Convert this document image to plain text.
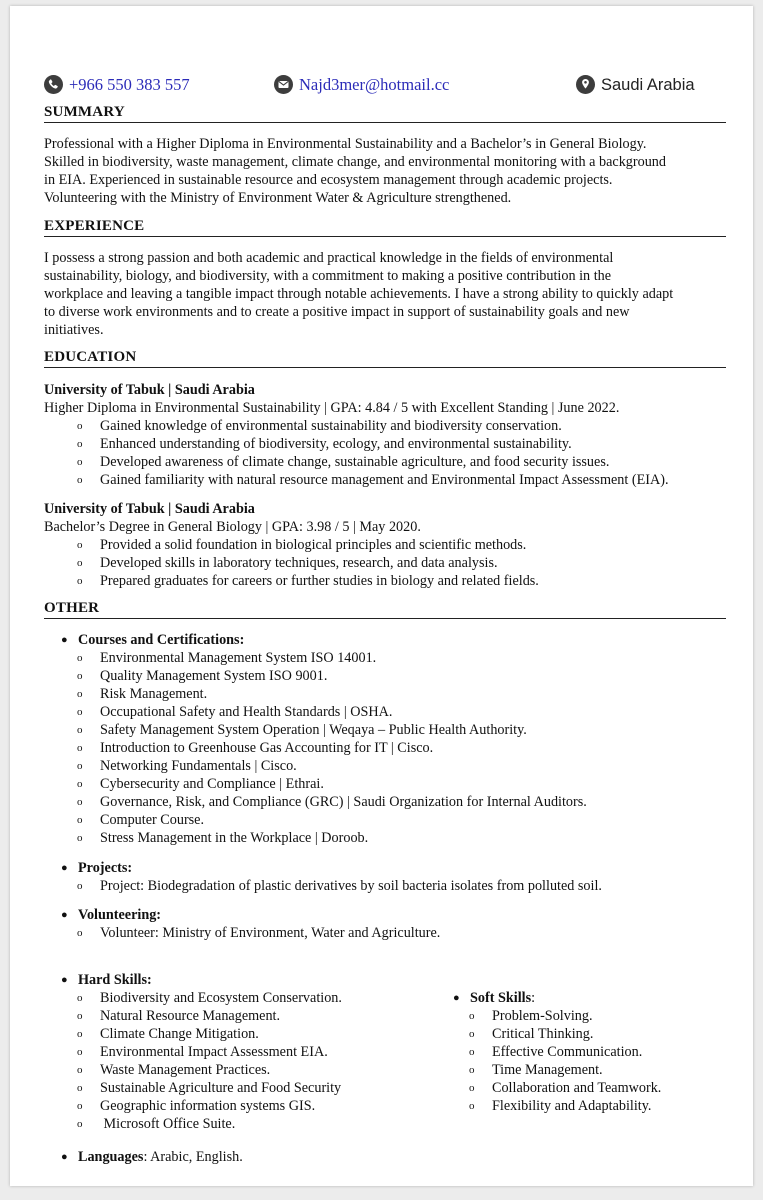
+966 550 383 557	Najd3mer@hotmail.cc	Saudi Arabia
SUMMARY
Professional with a Higher Diploma in Environmental Sustainability and a Bachelor’s in General Biology.
Skilled in biodiversity, waste management, climate change, and environmental monitoring with a background
in EIA. Experienced in sustainable resource and ecosystem management through academic projects.
Volunteering with the Ministry of Environment Water & Agriculture strengthened.
EXPERIENCE
I possess a strong passion and both academic and practical knowledge in the fields of environmental
sustainability, biology, and biodiversity, with a commitment to making a positive contribution in the
workplace and leaving a tangible impact through notable achievements. I have a strong ability to quickly adapt
to diverse work environments and to create a positive impact in support of sustainability goals and new
initiatives.
EDUCATION
University of Tabuk | Saudi Arabia
Higher Diploma in Environmental Sustainability | GPA: 4.84 / 5 with Excellent Standing | June 2022.
o Gained knowledge of environmental sustainability and biodiversity conservation.
o Enhanced understanding of biodiversity, ecology, and environmental sustainability.
o Developed awareness of climate change, sustainable agriculture, and food security issues.
o Gained familiarity with natural resource management and Environmental Impact Assessment (EIA).
University of Tabuk | Saudi Arabia
Bachelor’s Degree in General Biology | GPA: 3.98 / 5 | May 2020.
o Provided a solid foundation in biological principles and scientific methods.
o Developed skills in laboratory techniques, research, and data analysis.
o Prepared graduates for careers or further studies in biology and related fields.
OTHER
● Courses and Certifications:
o Environmental Management System ISO 14001.
o Quality Management System ISO 9001.
o Risk Management.
o Occupational Safety and Health Standards | OSHA.
o Safety Management System Operation | Weqaya – Public Health Authority.
o Introduction to Greenhouse Gas Accounting for IT | Cisco.
o Networking Fundamentals | Cisco.
o Cybersecurity and Compliance | Ethrai.
o Governance, Risk, and Compliance (GRC) | Saudi Organization for Internal Auditors.
o Computer Course.
o Stress Management in the Workplace | Doroob.
● Projects:
o Project: Biodegradation of plastic derivatives by soil bacteria isolates from polluted soil.
● Volunteering:
o Volunteer: Ministry of Environment, Water and Agriculture.
● Hard Skills:
o Biodiversity and Ecosystem Conservation.
o Natural Resource Management.
o Climate Change Mitigation.
o Environmental Impact Assessment EIA.
o Waste Management Practices.
o Sustainable Agriculture and Food Security
o Geographic information systems GIS.
o Microsoft Office Suite.
● Soft Skills:
o Problem-Solving.
o Critical Thinking.
o Effective Communication.
o Time Management.
o Collaboration and Teamwork.
o Flexibility and Adaptability.
● Languages: Arabic, English.
